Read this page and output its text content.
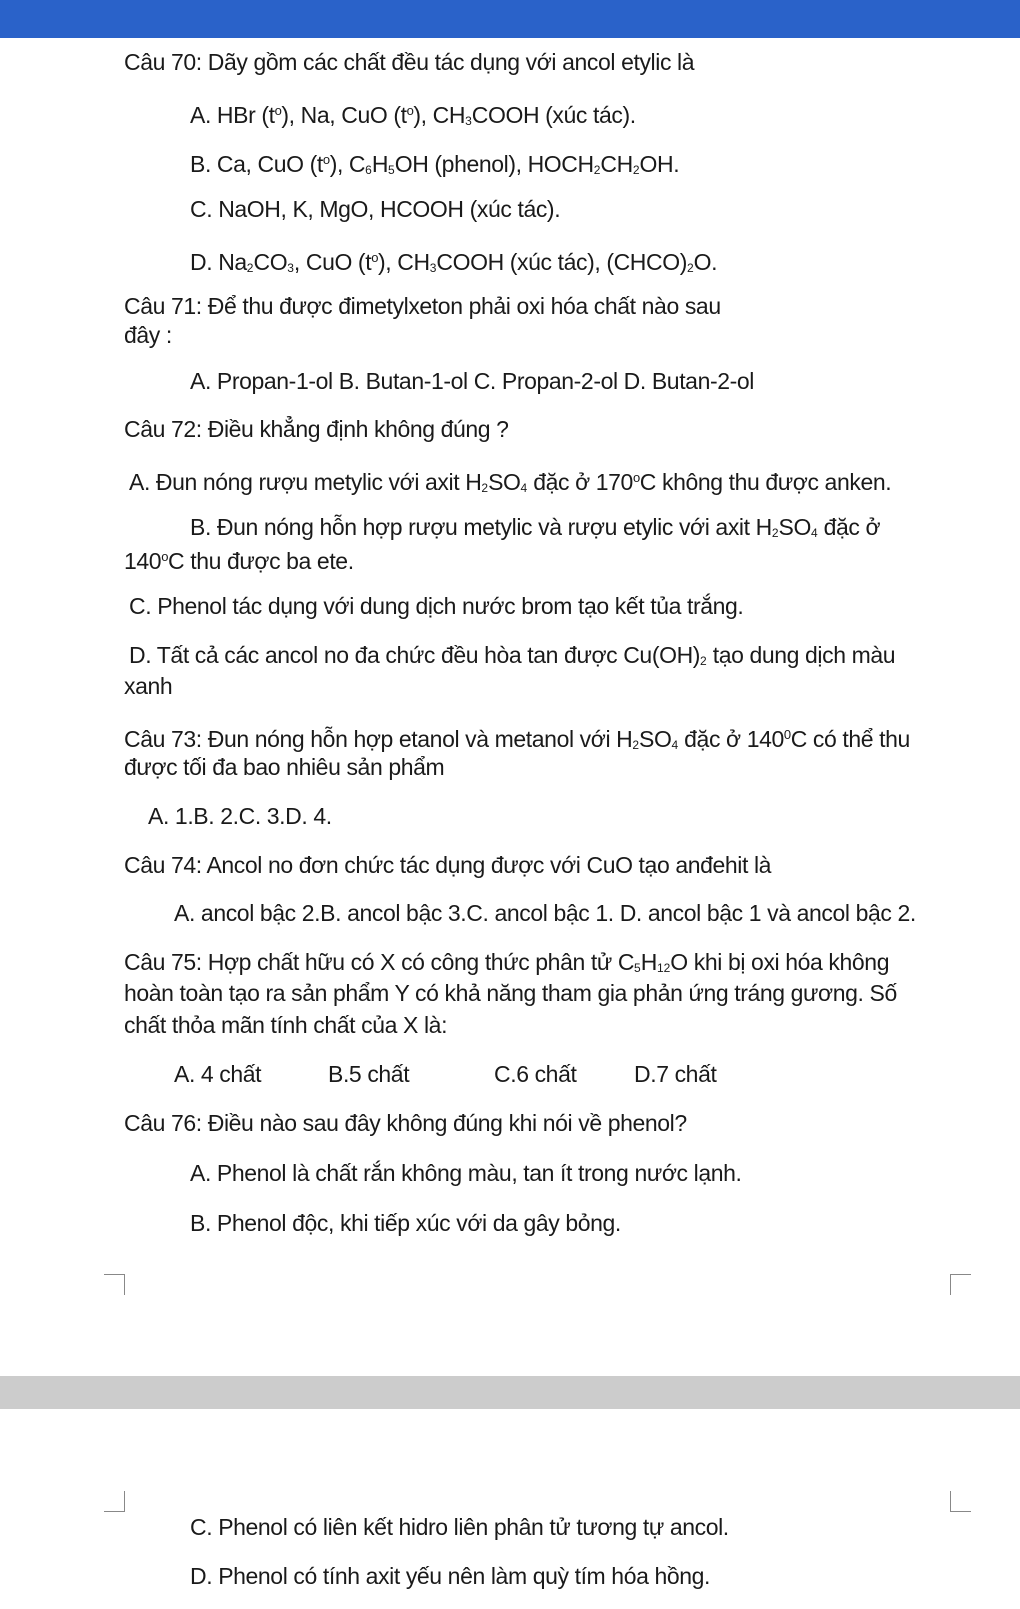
Câu 70: Dãy gồm các chất đều tác dụng với ancol etylic là
A. HBr $(t^o)$, Na, CuO $(t^o)$, $CH_3COOH$ (xúc tác).
B. Ca, CuO $(t^o)$, $C_6H_5OH$ (phenol), $HOCH_2CH_2OH$.
C. NaOH, K, MgO, HCOOH (xúc tác).
D. $Na_2CO_3$, CuO $(t^o)$, $CH_3COOH$ (xúc tác), $(CHCO)_2O$.
Câu 71: Để thu được đimetylxeton phải oxi hóa chất nào sau
đây :
A. Propan-1-ol B. Butan-1-ol C. Propan-2-ol D. Butan-2-ol
Câu 72: Điều khẳng định không đúng ?
A. Đun nóng rượu metylic với axit $H_2SO_4$ đặc ở 170$^o$C không thu được anken.
B. Đun nóng hỗn hợp rượu metylic và rượu etylic với axit $H_2SO_4$ đặc ở
140$^o$C thu được ba ete.
C. Phenol tác dụng với dung dịch nước brom tạo kết tủa trắng.
D. Tất cả các ancol no đa chức đều hòa tan được $Cu(OH)_2$ tạo dung dịch màu
xanh
Câu 73: Đun nóng hỗn hợp etanol và metanol với $H_2SO_4$ đặc ở $140^0C$ có thể thu
được tối đa bao nhiêu sản phẩm
A. 1.B. 2.C. 3.D. 4.
Câu 74: Ancol no đơn chức tác dụng được với CuO tạo anđehit là
A. ancol bậc 2.B. ancol bậc 3.C. ancol bậc 1. D. ancol bậc 1 và ancol bậc 2.
Câu 75: Hợp chất hữu có X có công thức phân tử $C_5H_{12}O$ khi bị oxi hóa không
hoàn toàn tạo ra sản phẩm Y có khả năng tham gia phản ứng tráng gương. Số
chất thỏa mãn tính chất của X là:
A. 4 chất	B.5 chất	C.6 chất	D.7 chất
Câu 76: Điều nào sau đây không đúng khi nói về phenol?
A. Phenol là chất rắn không màu, tan ít trong nước lạnh.
B. Phenol độc, khi tiếp xúc với da gây bỏng.
C. Phenol có liên kết hidro liên phân tử tương tự ancol.
D. Phenol có tính axit yếu nên làm quỳ tím hóa hồng.
